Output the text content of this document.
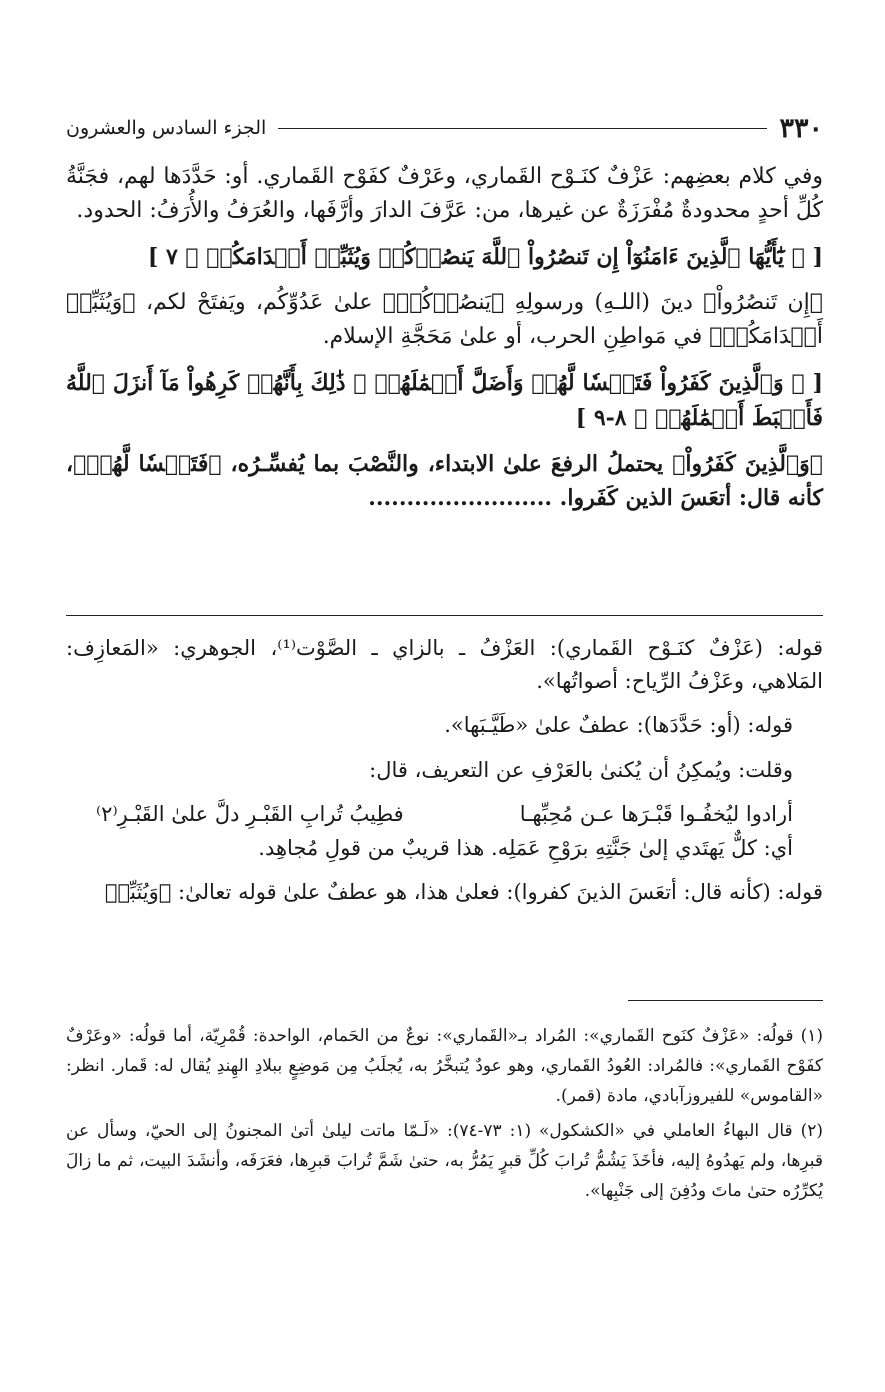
٣٣٠
الجزء السادس والعشرون

وفي كلام بعضِهم: عَزْفٌ كنَـوْح القَماري، وعَرْفٌ كفَوْح القَماري. أو: حَدَّدَها لهم، فجَنَّةُ كُلِّ أحدٍ محدودةٌ مُفْرَزَةٌ عن غيرها، من: عَرَّفَ الدارَ وأرَّفَها، والعُرَفُ والأُرَفُ: الحدود.

[ ﴿ يَٰٓأَيُّهَا ٱلَّذِينَ ءَامَنُوٓاْ إِن تَنصُرُواْ ٱللَّهَ يَنصُرۡكُمۡ وَيُثَبِّتۡ أَقۡدَامَكُمۡ ﴾ ٧ ]

﴿إِن تَنصُرُواْ﴾ دينَ (اللـهِ) ورسولِهِ ﴿يَنصُرۡكُمۡ﴾ علىٰ عَدُوِّكُم، ويَفتَحْ لكم، ﴿وَيُثَبِّتۡ أَقۡدَامَكُمۡ﴾ في مَواطِنِ الحرب، أو علىٰ مَحَجَّةِ الإسلام.

[ ﴿ وَٱلَّذِينَ كَفَرُواْ فَتَعۡسٗا لَّهُمۡ وَأَضَلَّ أَعۡمَٰلَهُمۡ ۞ ذَٰلِكَ بِأَنَّهُمۡ كَرِهُواْ مَآ أَنزَلَ ٱللَّهُ فَأَحۡبَطَ أَعۡمَٰلَهُمۡ ﴾ ٨-٩ ]

﴿وَٱلَّذِينَ كَفَرُواْ﴾ يحتملُ الرفعَ علىٰ الابتداء، والنَّصْبَ بما يُفسِّـرُه، ﴿فَتَعۡسٗا لَّهُمۡ﴾، كأنه قال: أتعَسَ الذين كَفَروا. ........................

قوله: (عَزْفٌ كنَـوْح القَماري): العَزْفُ ـ بالزاي ـ الصَّوْت⁽¹⁾، الجوهري: «المَعازِف: المَلاهي، وعَزْفُ الرِّياح: أصواتُها».

قوله: (أو: حَدَّدَها): عطفٌ علىٰ «طَيَّـبَها».

وقلت: ويُمكِنُ أن يُكنىٰ بالعَرْفِ عن التعريف، قال:

أرادوا ليُخفُـوا قَبْـرَها عـن مُحِبِّهـا
فطِيبُ تُرابِ القَبْـرِ دلَّ علىٰ القَبْـرِ⁽٢⁾

أي: كلٌّ يَهتَدي إلىٰ جَنَّتِهِ برَوْحِ عَمَلِه. هذا قريبٌ من قولِ مُجاهِد.

قوله: (كأنه قال: أتعَسَ الذينَ كفروا): فعلىٰ هذا، هو عطفٌ علىٰ قوله تعالىٰ: ﴿وَيُثَبِّتۡ

(١) قولُه: «عَزْفٌ كنَوح القَماري»: المُراد بـ«القَماري»: نوعٌ من الحَمام، الواحدة: قُمْرِيّة، أما قولُه: «وعَرْفٌ كفَوْح القَماري»: فالمُراد: العُودُ القَماري، وهو عودٌ يُتبخَّرُ به، يُجلَبُ مِن مَوضِعٍ ببلادِ الهِندِ يُقال له: قَمار. انظر: «القاموس» للفيروزآبادي، مادة (قمر).

(٢) قال البهاءُ العاملي في «الكشكول» (١: ٧٣-٧٤): «لَـمّا ماتت ليلىٰ أتىٰ المجنونُ إلى الحيّ، وسأل عن قبرِها، ولم يَهدُوهُ إليه، فأخَذَ يَشُمُّ تُرابَ كُلِّ قبرٍ يَمُرُّ به، حتىٰ شَمَّ تُرابَ قبرِها، فعَرَفَه، وأنشَدَ البيت، ثم ما زالَ يُكرِّرُه حتىٰ ماتَ ودُفِنَ إلى جَنْبِها».
